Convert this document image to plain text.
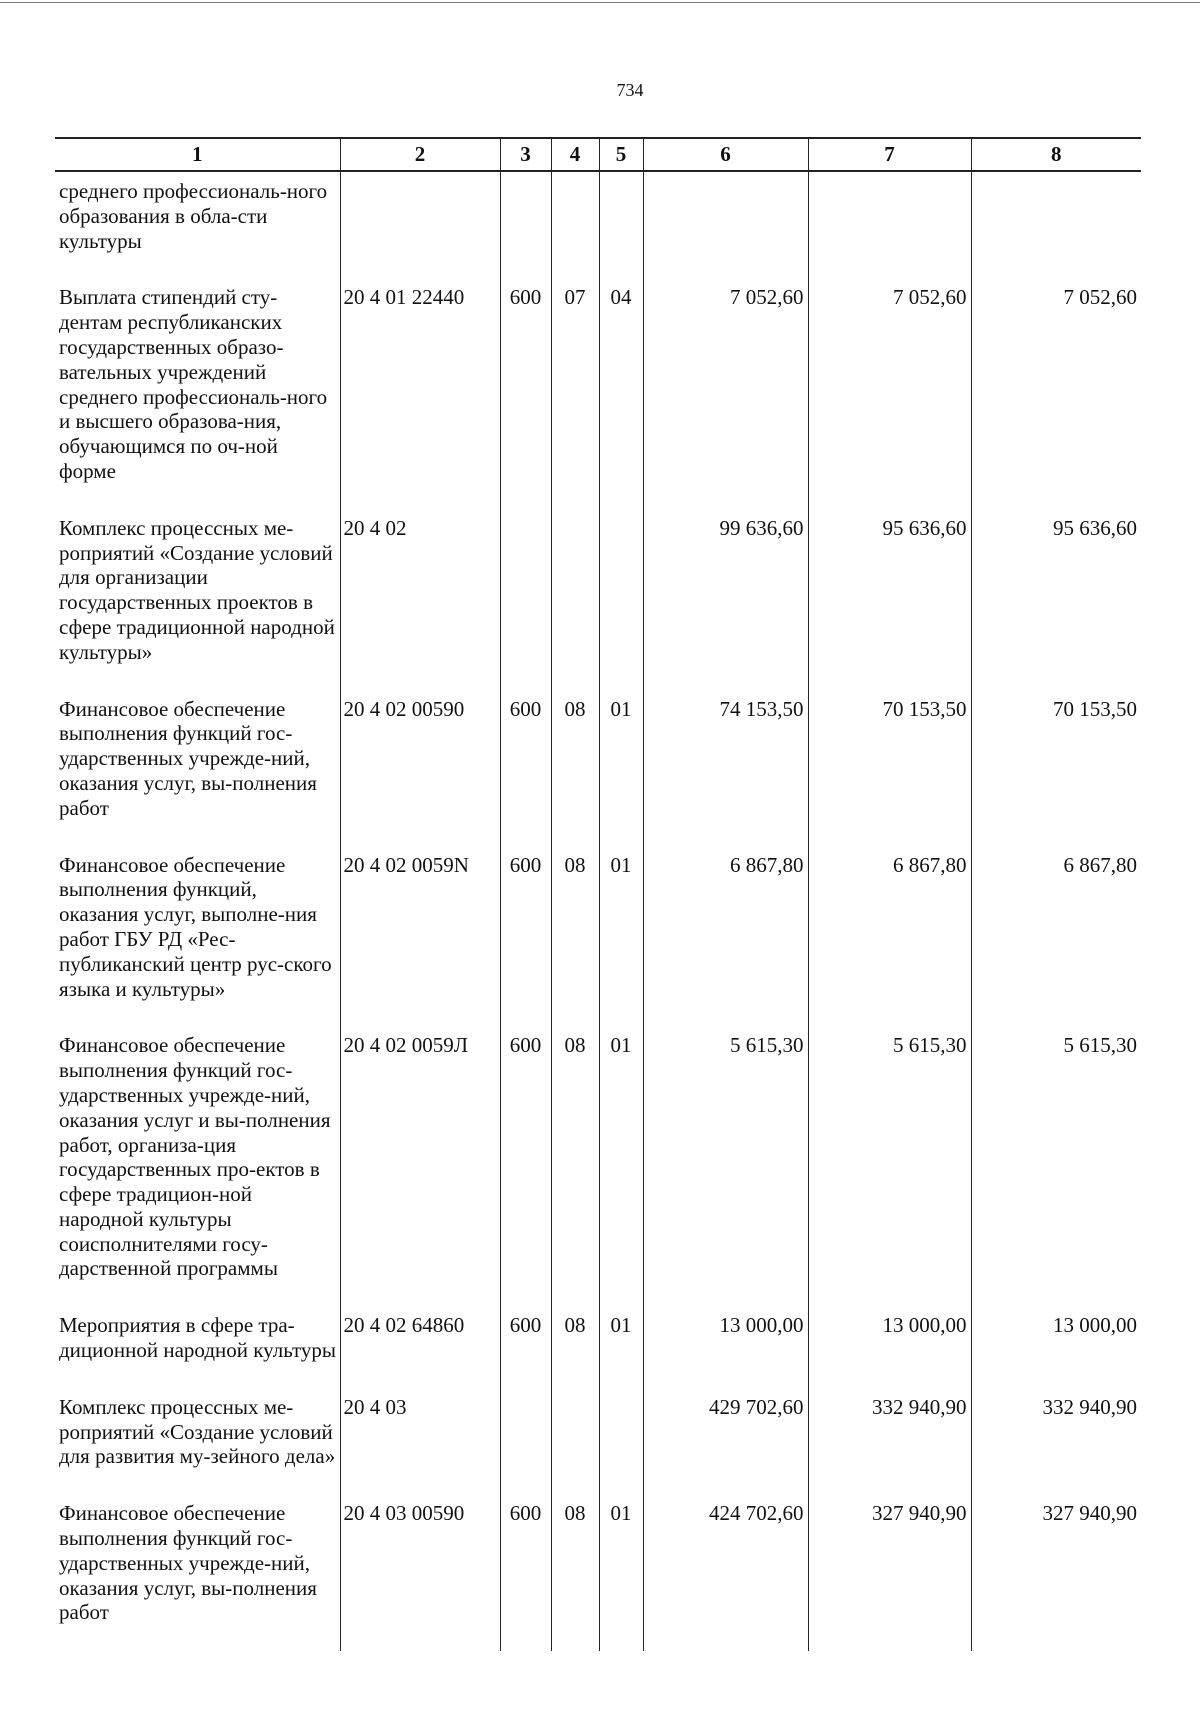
734
1	2	3	4	5	6	7	8
среднего профессиональ-ного образования в обла-сти культуры							
Выплата стипендий сту-дентам республиканских государственных образо-вательных учреждений среднего профессиональ-ного и высшего образова-ния, обучающимся по оч-ной форме	20 4 01 22440	600	07	04	7 052,60	7 052,60	7 052,60
Комплекс процессных ме-роприятий «Создание условий для организации государственных проектов в сфере традиционной народной культуры»	20 4 02				99 636,60	95 636,60	95 636,60
Финансовое обеспечение выполнения функций гос-ударственных учрежде-ний, оказания услуг, вы-полнения работ	20 4 02 00590	600	08	01	74 153,50	70 153,50	70 153,50
Финансовое обеспечение выполнения функций, оказания услуг, выполне-ния работ ГБУ РД «Рес-публиканский центр рус-ского языка и культуры»	20 4 02 0059N	600	08	01	6 867,80	6 867,80	6 867,80
Финансовое обеспечение выполнения функций гос-ударственных учрежде-ний, оказания услуг и вы-полнения работ, организа-ция государственных про-ектов в сфере традицион-ной народной культуры соисполнителями госу-дарственной программы	20 4 02 0059Л	600	08	01	5 615,30	5 615,30	5 615,30
Мероприятия в сфере тра-диционной народной культуры	20 4 02 64860	600	08	01	13 000,00	13 000,00	13 000,00
Комплекс процессных ме-роприятий «Создание условий для развития му-зейного дела»	20 4 03				429 702,60	332 940,90	332 940,90
Финансовое обеспечение выполнения функций гос-ударственных учрежде-ний, оказания услуг, вы-полнения работ	20 4 03 00590	600	08	01	424 702,60	327 940,90	327 940,90
